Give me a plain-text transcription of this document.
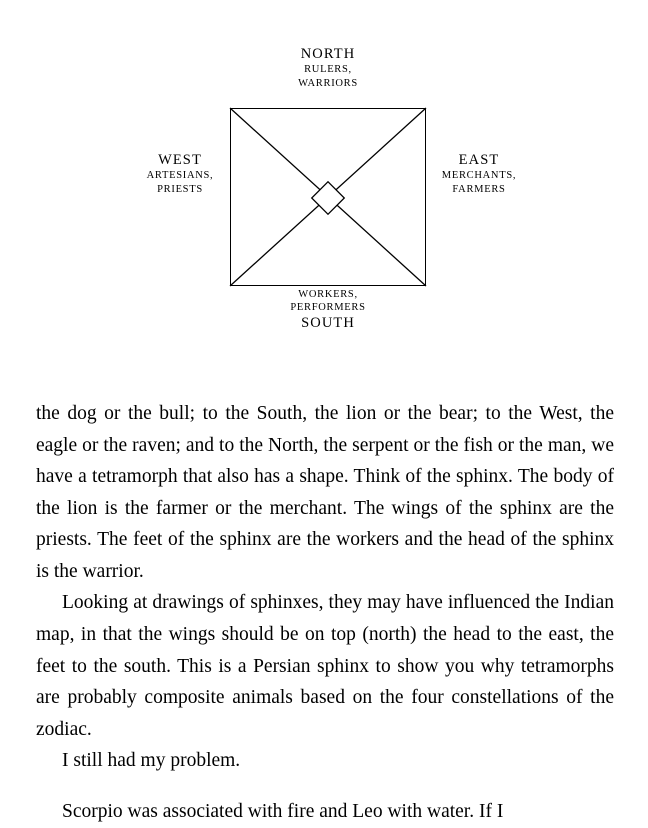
NORTH
RULERS,
WARRIORS
WEST
ARTESIANS,
PRIESTS
EAST
MERCHANTS,
FARMERS
WORKERS,
PERFORMERS
SOUTH

the dog or the bull; to the South, the lion or the bear; to the West, the eagle or the raven; and to the North, the serpent or the fish or the man, we have a tetramorph that also has a shape. Think of the sphinx. The body of the lion is the farmer or the merchant. The wings of the sphinx are the priests. The feet of the sphinx are the workers and the head of the sphinx is the warrior.

Looking at drawings of sphinxes, they may have influenced the Indian map, in that the wings should be on top (north) the head to the east, the feet to the south. This is a Persian sphinx to show you why tetramorphs are probably composite animals based on the four constellations of the zodiac.

I still had my problem.

Scorpio was associated with fire and Leo with water. If I
